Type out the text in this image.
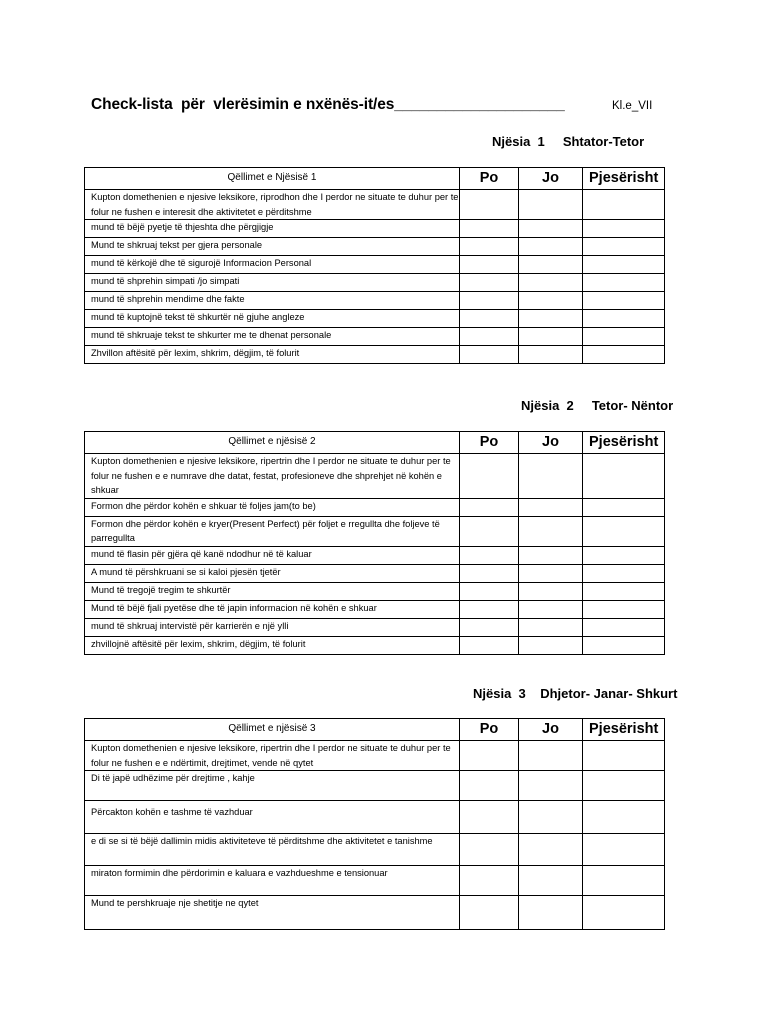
Check-lista  për  vlerësimin e nxënës-it/es____________________	Kl.e_VII
Njësia  1     Shtator-Tetor
Qëllimet e Njësisë 1	Po	Jo	Pjesërisht
Kupton domethenien e njesive leksikore, riprodhon dhe I perdor ne situate te duhur per te folur ne fushen e interesit dhe aktivitetet e përditshme			
mund të bëjë pyetje të thjeshta dhe përgjigje			
Mund te shkruaj tekst per gjera personale			
mund të kërkojë dhe të sigurojë Informacion Personal			
mund të shprehin simpati /jo simpati			
mund të shprehin mendime dhe fakte			
mund të kuptojnë tekst të shkurtër në gjuhe angleze			
mund të shkruaje tekst te shkurter me te dhenat personale			
Zhvillon aftësitë për lexim, shkrim, dëgjim, të folurit			
Njësia  2     Tetor- Nëntor
Qëllimet e njësisë 2	Po	Jo	Pjesërisht
Kupton domethenien e njesive leksikore, ripertrin dhe I perdor ne situate te duhur per te folur ne fushen e e numrave dhe datat, festat, profesioneve dhe shprehjet në kohën e shkuar			
Formon dhe përdor kohën e shkuar të foljes jam(to be)			
Formon dhe përdor kohën e kryer(Present Perfect) për foljet e rregullta dhe foljeve të parregullta			
mund të flasin për gjëra që kanë ndodhur në të kaluar			
A mund të përshkruani se si kaloi pjesën tjetër			
Mund të tregojë tregim te shkurtër			
Mund të bëjë fjali pyetëse dhe të japin informacion në kohën e shkuar			
mund të shkruaj intervistë për karrierën e një ylli			
zhvillojnë aftësitë për lexim, shkrim, dëgjim, të folurit			
Njësia  3    Dhjetor- Janar- Shkurt
Qëllimet e njësisë 3	Po	Jo	Pjesërisht
Kupton domethenien e njesive leksikore, ripertrin dhe I perdor ne situate te duhur per te folur ne fushen e e ndërtimit, drejtimet, vende në qytet			
Di të japë udhëzime për drejtime , kahje			
Përcakton kohën e tashme të vazhduar			
e di se si të bëjë dallimin midis aktiviteteve të përditshme dhe aktivitetet e tanishme			
miraton formimin dhe përdorimin e kaluara e vazhdueshme e tensionuar			
Mund te pershkruaje nje shetitje ne qytet			
